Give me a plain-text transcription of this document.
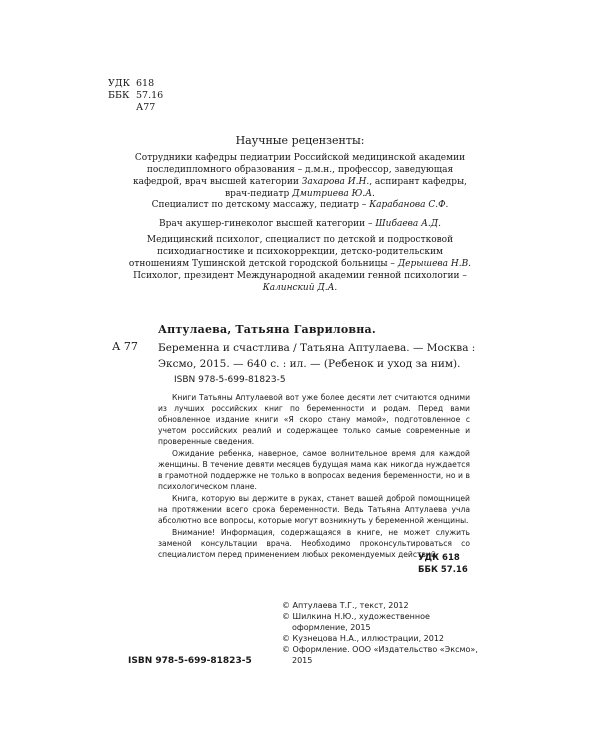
УДК 618
ББК 57.16
А77
Научные рецензенты:
Сотрудники кафедры педиатрии Российской медицинской академии последипломного образования – д.м.н., профессор, заведующая кафедрой, врач высшей категории Захарова И.Н., аспирант кафедры, врач-педиатр Дмитриева Ю.А.
Специалист по детскому массажу, педиатр – Карабанова С.Ф.
Врач акушер-гинеколог высшей категории – Шибаева А.Д.
Медицинский психолог, специалист по детской и подростковой психодиагностике и психокоррекции, детско-родительским отношениям Тушинской детской городской больницы – Дерышева Н.В. Психолог, президент Международной академии генной психологии – Калинский Д.А.
Аптулаева, Татьяна Гавриловна.
А 77 Беременна и счастлива / Татьяна Аптулаева. — Москва :
Эксмо, 2015. — 640 с. : ил. — (Ребенок и уход за ним).
ISBN 978-5-699-81823-5

Книги Татьяны Аптулаевой вот уже более десяти лет считаются одними из лучших российских книг по беременности и родам. Перед вами обновленное издание книги «Я скоро стану мамой», подготовленное с учетом российских реалий и содержащее только самые современные и проверенные сведения.

Ожидание ребенка, наверное, самое волнительное время для каждой женщины. В течение девяти месяцев будущая мама как никогда нуждается в грамотной поддержке не только в вопросах ведения беременности, но и в психологическом плане.

Книга, которую вы держите в руках, станет вашей доброй помощницей на протяжении всего срока беременности. Ведь Татьяна Аптулаева учла абсолютно все вопросы, которые могут возникнуть у беременной женщины.

Внимание! Информация, содержащаяся в книге, не может служить заменой консультации врача. Необходимо проконсультироваться со специалистом перед применением любых рекомендуемых действий.

УДК 618
ББК 57.16
© Аптулаева Т.Г., текст, 2012
© Шилкина Н.Ю., художественное оформление, 2015
© Кузнецова Н.А., иллюстрации, 2012
© Оформление. ООО «Издательство «Эксмо», 2015
ISBN 978-5-699-81823-5
